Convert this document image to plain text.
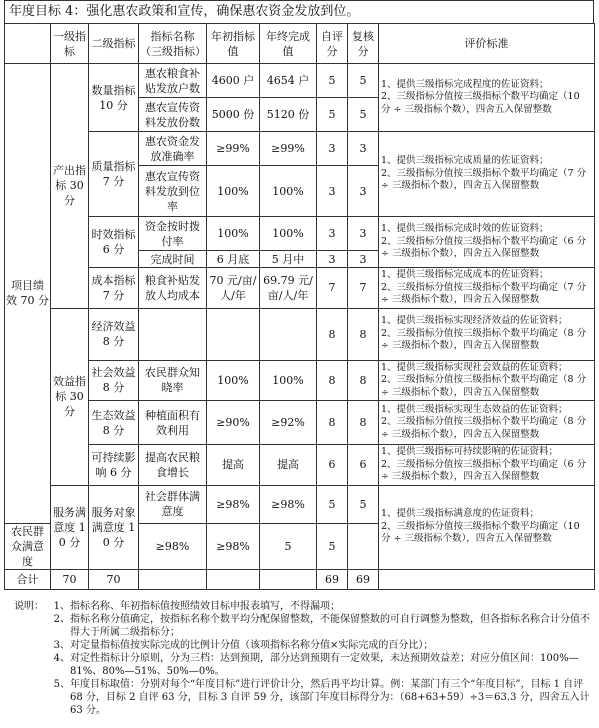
年度目标 4：强化惠农政策和宣传，确保惠农资金发放到位。
	一级指标	二级指标	指标名称（三级指标）	年初指标值	年终完成值	自评分	复核分	评价标准
项目绩效 70 分	产出指标 30 分	数量指标 10 分	惠农粮食补贴发放户数	4600 户	4654 户	5	5	1、提供三级指标完成程度的佐证资料；
2、三级指标分值按三级指标个数平均确定（10 分 ÷ 三级指标个数），四舍五入保留整数
			惠农宣传资料发放份数	5000 份	5120 份	5	5	
		质量指标 7 分	惠农资金发放准确率	≥99%	≥99%	3	3	1、提供三级指标完成质量的佐证资料；
2、三级指标分值按三级指标个数平均确定（7 分 ÷ 三级指标个数），四舍五入保留整数
			惠农宣传资料发放到位率	100%	100%	3	3	
		时效指标 6 分	资金按时拨付率	100%	100%	3	3	1、提供三级指标完成时效的佐证资料；
2、三级指标分值按三级指标个数平均确定（6 分 ÷ 三级指标个数），四舍五入保留整数
			完成时间	6 月底	5 月中	3	3	
		成本指标 7 分	粮食补贴发放人均成本	70 元/亩/人/年	69.79 元/亩/人/年	7	7	1、提供三级指标完成成本的佐证资料；
2、三级指标分值按三级指标个数平均确定（7 分 ÷ 三级指标个数），四舍五入保留整数
	效益指标 30 分	经济效益 8 分				8	8	1、提供三级指标实现经济效益的佐证资料；
2、三级指标分值按三级指标个数平均确定（8 分 ÷ 三级指标个数），四舍五入保留整数
		社会效益 8 分	农民群众知晓率	100%	100%	8	8	1、提供三级指标实现社会效益的佐证资料；
2、三级指标分值按三级指标个数平均确定（8 分 ÷ 三级指标个数），四舍五入保留整数
		生态效益 8 分	种植面积有效利用	≥90%	≥92%	8	8	1、提供三级指标实现生态效益的佐证资料；
2、三级指标分值按三级指标个数平均确定（8 分 ÷ 三级指标个数），四舍五入保留整数
		可持续影响 6 分	提高农民粮食增长	提高	提高	6	6	1、提供三级指标可持续影响的佐证资料；
2、三级指标分值按三级指标个数平均确定（6 分 ÷ 三级指标个数），四舍五入保留整数
	服务满意度 10 分	服务对象满意度 10 分	社会群体满意度	≥98%	≥98%	5	5	1、提供三级指标满意度的佐证资料；
2、三级指标分值按三级指标个数平均确定（10 分 ÷ 三级指标个数），四舍五入保留整数
农民群众满意度			≥98%	≥98%	5	5		
合计	70	70				69	69	
说明： 1、 指标名称、年初指标值按照绩效目标申报表填写，不得漏项；
2、 指标名称分值确定，按指标名称个数平均分配保留整数，不能保留整数的可自行调整为整数，但各指标名称合计分值不得大于所属二级指标分；
3、 对定量指标值按实际完成的比例计分值（该项指标名称分值×实际完成的百分比）；
4、 对定性指标计分原则，分为三档：达到预期，部分达到预期有一定效果，未达预期效益差；对应分值区间：100%—81%、80%—51%、50%—0%。
5、 年度目标取值：分别对每个“年度目标”进行评价计分，然后再平均计算。例：某部门有三个“年度目标”，目标 1 自评 68 分，目标 2 自评 63 分，目标 3 自评 59 分，该部门年度目标得分为：（68+63+59）÷3＝63.3 分，四舍五入计 63 分。
